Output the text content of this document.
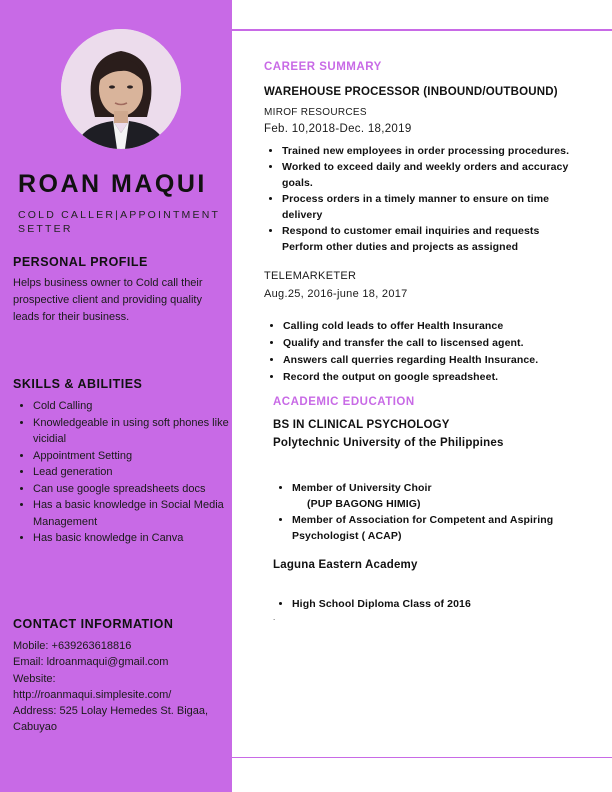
ROAN MAQUI
COLD CALLER|APPOINTMENT SETTER
PERSONAL PROFILE
Helps business owner to Cold call their prospective client and providing quality leads for their business.
SKILLS & ABILITIES
• Cold Calling
• Knowledgeable in using soft phones like vicidial
• Appointment Setting
• Lead generation
• Can use google spreadsheets docs
• Has a basic knowledge in Social Media Management
• Has basic knowledge in Canva
CONTACT INFORMATION
Mobile: +639263618816
Email: ldroanmaqui@gmail.com
Website:
http://roanmaqui.simplesite.com/
Address: 525 Lolay Hemedes St. Bigaa, Cabuyao
CAREER SUMMARY
WAREHOUSE PROCESSOR (INBOUND/OUTBOUND)
MIROF RESOURCES
Feb. 10,2018-Dec. 18,2019
• Trained new employees in order processing procedures.
• Worked to exceed daily and weekly orders and accuracygoals.
• Process orders in a timely manner to ensure on time delivery
• Respond to customer email inquiries and requests Perform other duties and projects as assigned
TELEMARKETER
Aug.25, 2016-june 18, 2017
• Calling cold leads to offer Health Insurance
• Qualify and transfer the call to liscensed agent.
• Answers call querries regarding Health Insurance.
• Record the output on google spreadsheet.
ACADEMIC EDUCATION
BS IN CLINICAL PSYCHOLOGY
Polytechnic University of the Philippines
• Member of University Choir
(PUP BAGONG HIMIG)
• Member of Association for Competent and Aspiring Psychologist ( ACAP)
Laguna Eastern Academy
• High School Diploma Class of 2016
.
